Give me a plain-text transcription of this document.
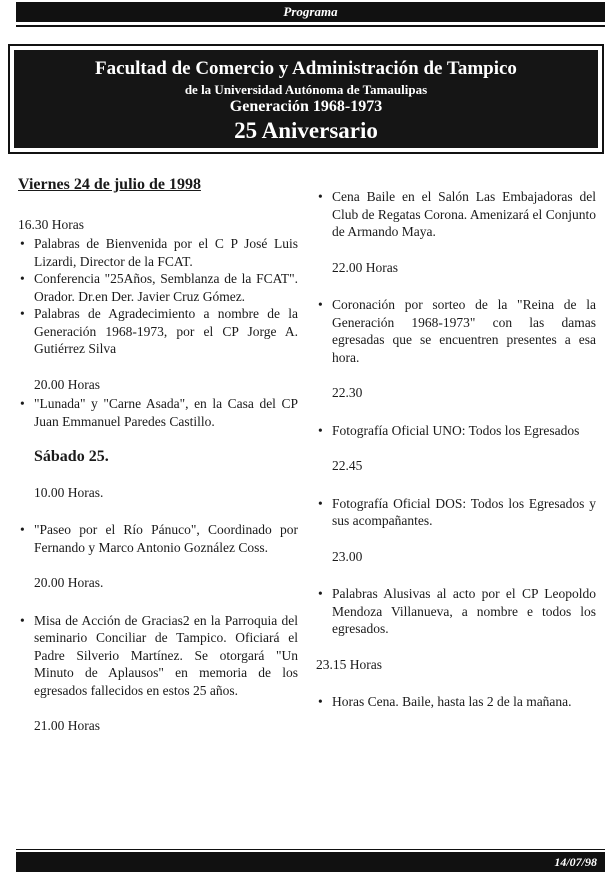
Programa
Facultad de Comercio y Administración de Tampico
de la Universidad Autónoma de Tamaulipas
Generación 1968-1973
25 Aniversario
Viernes 24 de julio de 1998
16.30 Horas
• Palabras de Bienvenida por el C P José Luis Lizardi, Director de la FCAT.
• Conferencia "25Años, Semblanza de la FCAT". Orador. Dr.en Der. Javier Cruz Gómez.
• Palabras de Agradecimiento a nombre de la Generación 1968-1973, por el CP Jorge A. Gutiérrez Silva
20.00 Horas
• "Lunada" y "Carne Asada", en la Casa del CP Juan Emmanuel Paredes Castillo.
Sábado 25.
10.00 Horas.
• "Paseo por el Río Pánuco", Coordinado por Fernando y Marco Antonio Goznález Coss.
20.00 Horas.
• Misa de Acción de Gracias2 en la Parroquia del seminario Conciliar de Tampico. Oficiará el Padre Silverio Martínez. Se otorgará "Un Minuto de Aplausos" en memoria de los egresados fallecidos en estos 25 años.
21.00 Horas
• Cena Baile en el Salón Las Embajadoras del Club de Regatas Corona. Amenizará el Conjunto de Armando Maya.
22.00 Horas
• Coronación por sorteo de la "Reina de la Generación 1968-1973" con las damas egresadas que se encuentren presentes a esa hora.
22.30
• Fotografía Oficial UNO: Todos los Egresados
22.45
• Fotografía Oficial DOS: Todos los Egresados y sus acompañantes.
23.00
• Palabras Alusivas al acto por el CP Leopoldo Mendoza Villanueva, a nombre e todos los egresados.
23.15 Horas
• Horas Cena. Baile, hasta las 2 de la mañana.
14/07/98
